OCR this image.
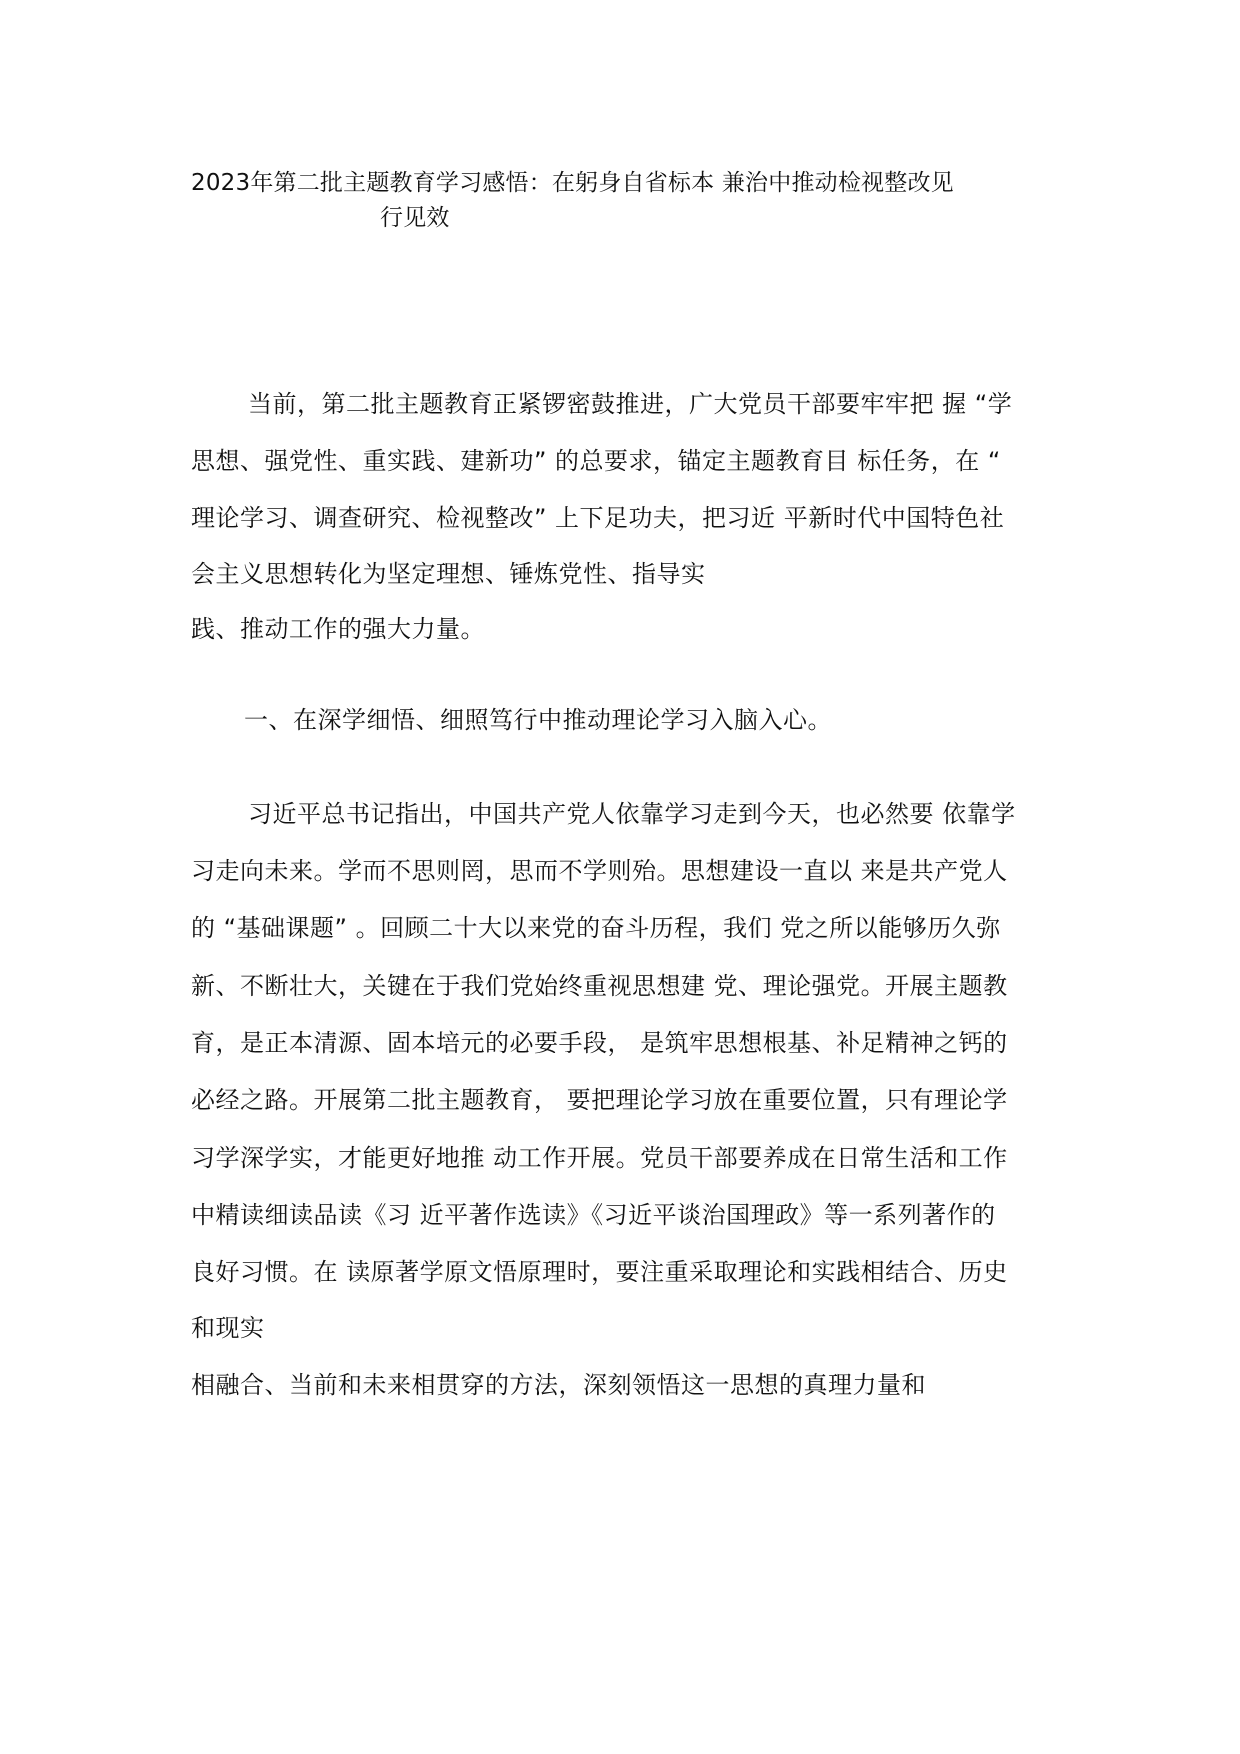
2023年第二批主题教育学习感悟：在躬身自省标本 兼治中推动检视整改见
行见效
当前，第二批主题教育正紧锣密鼓推进，广大党员干部要牢牢把 握 “学
思想、强党性、重实践、建新功” 的总要求，锚定主题教育目 标任务，在 “
理论学习、调查研究、检视整改” 上下足功夫，把习近 平新时代中国特色社
会主义思想转化为坚定理想、锤炼党性、指导实
践、推动工作的强大力量。
一、在深学细悟、细照笃行中推动理论学习入脑入心。
习近平总书记指出，中国共产党人依靠学习走到今天，也必然要 依靠学
习走向未来。学而不思则罔，思而不学则殆。思想建设一直以 来是共产党人
的 “基础课题” 。回顾二十大以来党的奋斗历程，我们 党之所以能够历久弥
新、不断壮大，关键在于我们党始终重视思想建 党、理论强党。开展主题教
育，是正本清源、固本培元的必要手段， 是筑牢思想根基、补足精神之钙的
必经之路。开展第二批主题教育， 要把理论学习放在重要位置，只有理论学
习学深学实，才能更好地推 动工作开展。党员干部要养成在日常生活和工作
中精读细读品读《习 近平著作选读》《习近平谈治国理政》等一系列著作的
良好习惯。在 读原著学原文悟原理时，要注重采取理论和实践相结合、历史
和现实
相融合、当前和未来相贯穿的方法，深刻领悟这一思想的真理力量和
